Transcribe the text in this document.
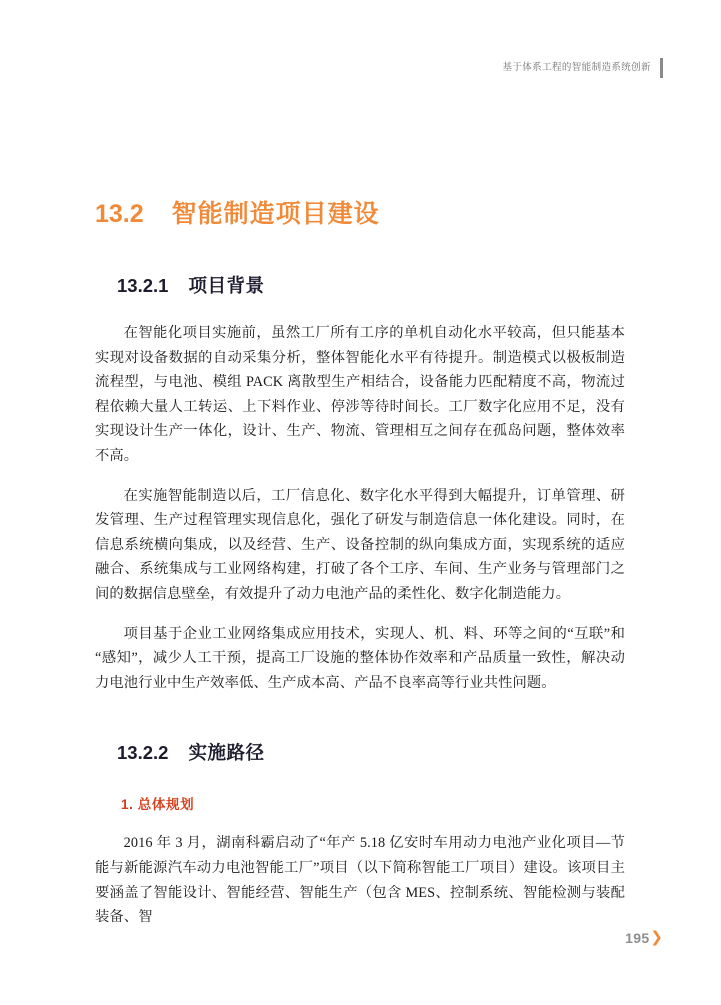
基于体系工程的智能制造系统创新
13.2 智能制造项目建设
13.2.1 项目背景

在智能化项目实施前，虽然工厂所有工序的单机自动化水平较高，但只能基本实现对设备数据的自动采集分析，整体智能化水平有待提升。制造模式以极板制造流程型，与电池、模组 PACK 离散型生产相结合，设备能力匹配精度不高，物流过程依赖大量人工转运、上下料作业、停涉等待时间长。工厂数字化应用不足，没有实现设计生产一体化，设计、生产、物流、管理相互之间存在孤岛问题，整体效率不高。

在实施智能制造以后，工厂信息化、数字化水平得到大幅提升，订单管理、研发管理、生产过程管理实现信息化，强化了研发与制造信息一体化建设。同时，在信息系统横向集成，以及经营、生产、设备控制的纵向集成方面，实现系统的适应融合、系统集成与工业网络构建，打破了各个工序、车间、生产业务与管理部门之间的数据信息壁垒，有效提升了动力电池产品的柔性化、数字化制造能力。

项目基于企业工业网络集成应用技术，实现人、机、料、环等之间的“互联”和“感知”，减少人工干预，提高工厂设施的整体协作效率和产品质量一致性，解决动力电池行业中生产效率低、生产成本高、产品不良率高等行业共性问题。

13.2.2 实施路径
1. 总体规划

2016 年 3 月，湖南科霸启动了“年产 5.18 亿安时车用动力电池产业化项目—节能与新能源汽车动力电池智能工厂”项目（以下简称智能工厂项目）建设。该项目主要涵盖了智能设计、智能经营、智能生产（包含 MES、控制系统、智能检测与装配装备、智

195 ❯
